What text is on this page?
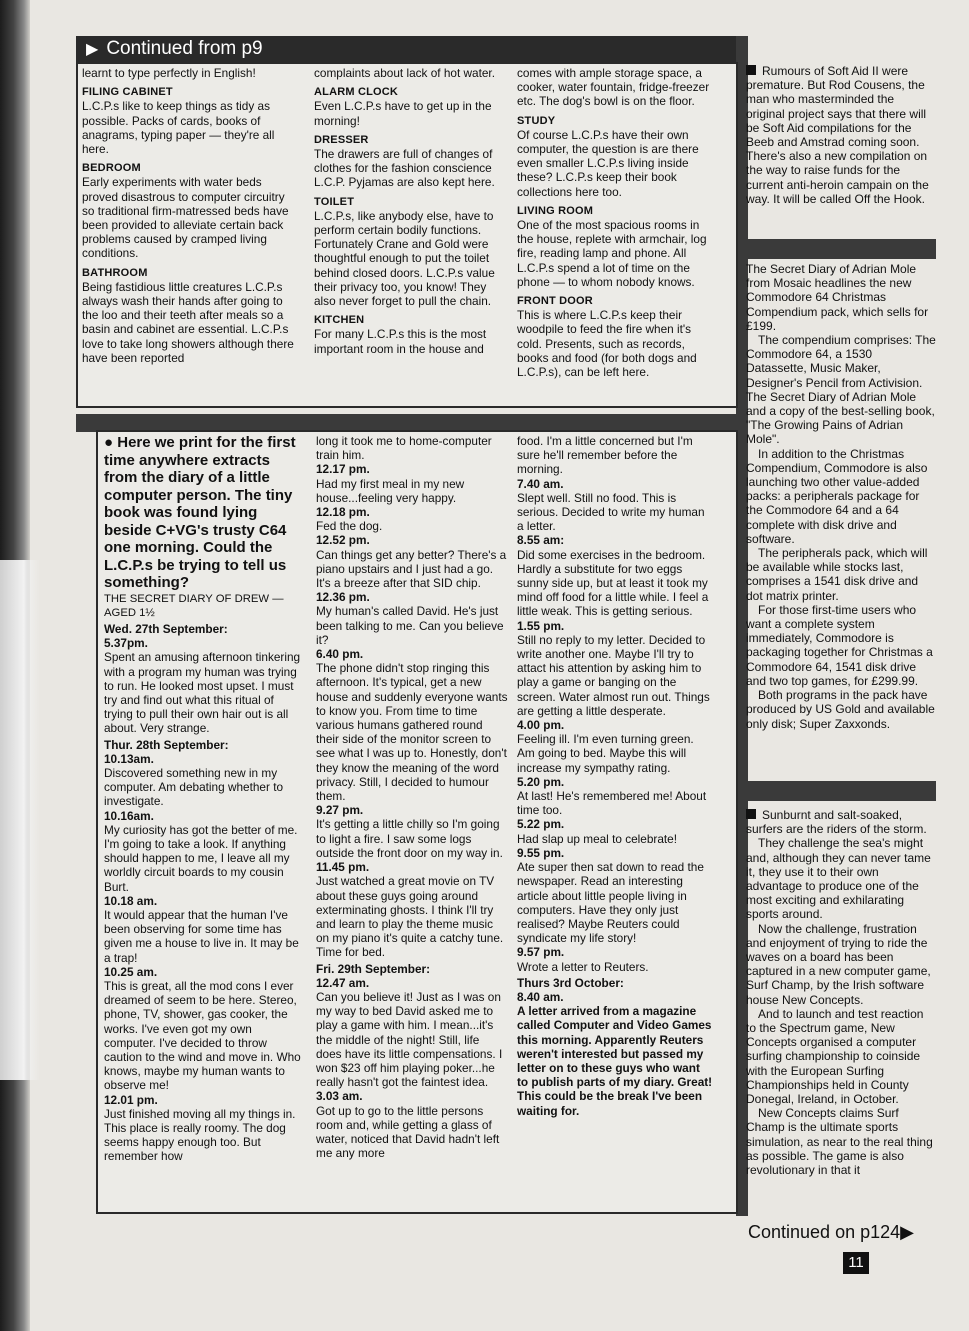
▶ Continued from p9

learnt to type perfectly in English!

FILING CABINET

L.C.P.s like to keep things as tidy as possible. Packs of cards, books of anagrams, typing paper — they're all here.

BEDROOM

Early experiments with water beds proved disastrous to computer circuitry so traditional firm-matressed beds have been provided to alleviate certain back problems caused by cramped living conditions.

BATHROOM

Being fastidious little creatures L.C.P.s always wash their hands after going to the loo and their teeth after meals so a basin and cabinet are essential. L.C.P.s love to take long showers although there have been reported

complaints about lack of hot water.

ALARM CLOCK

Even L.C.P.s have to get up in the morning!

DRESSER

The drawers are full of changes of clothes for the fashion conscience L.C.P. Pyjamas are also kept here.

TOILET

L.C.P.s, like anybody else, have to perform certain bodily functions. Fortunately Crane and Gold were thoughtful enough to put the toilet behind closed doors. L.C.P.s value their privacy too, you know! They also never forget to pull the chain.

KITCHEN

For many L.C.P.s this is the most important room in the house and

comes with ample storage space, a cooker, water fountain, fridge-freezer etc. The dog's bowl is on the floor.

STUDY

Of course L.C.P.s have their own computer, the question is are there even smaller L.C.P.s living inside these? L.C.P.s keep their book collections here too.

LIVING ROOM

One of the most spacious rooms in the house, replete with armchair, log fire, reading lamp and phone. All L.C.P.s spend a lot of time on the phone — to whom nobody knows.

FRONT DOOR

This is where L.C.P.s keep their woodpile to feed the fire when it's cold. Presents, such as records, books and food (for both dogs and L.C.P.s), can be left here.

● Here we print for the first time anywhere extracts from the diary of a little computer person. The tiny book was found lying beside C+VG's trusty C64 one morning. Could the L.C.P.s be trying to tell us something?

THE SECRET DIARY OF DREW — AGED 1½

Wed. 27th September:

5.37pm.

Spent an amusing afternoon tinkering with a program my human was trying to run. He looked most upset. I must try and find out what this ritual of trying to pull their own hair out is all about. Very strange.

Thur. 28th September:

10.13am.

Discovered something new in my computer. Am debating whether to investigate.

10.16am.

My curiosity has got the better of me. I'm going to take a look. If anything should happen to me, I leave all my worldly circuit boards to my cousin Burt.

10.18 am.

It would appear that the human I've been observing for some time has given me a house to live in. It may be a trap!

10.25 am.

This is great, all the mod cons I ever dreamed of seem to be here. Stereo, phone, TV, shower, gas cooker, the works. I've even got my own computer. I've decided to throw caution to the wind and move in. Who knows, maybe my human wants to observe me!

12.01 pm.

Just finished moving all my things in. This place is really roomy. The dog seems happy enough too. But remember how

long it took me to home-computer train him.

12.17 pm.

Had my first meal in my new house...feeling very happy.

12.18 pm.

Fed the dog.

12.52 pm.

Can things get any better? There's a piano upstairs and I just had a go. It's a breeze after that SID chip.

12.36 pm.

My human's called David. He's just been talking to me. Can you believe it?

6.40 pm.

The phone didn't stop ringing this afternoon. It's typical, get a new house and suddenly everyone wants to know you. From time to time various humans gathered round their side of the monitor screen to see what I was up to. Honestly, don't they know the meaning of the word privacy. Still, I decided to humour them.

9.27 pm.

It's getting a little chilly so I'm going to light a fire. I saw some logs outside the front door on my way in.

11.45 pm.

Just watched a great movie on TV about these guys going around exterminating ghosts. I think I'll try and learn to play the theme music on my piano it's quite a catchy tune. Time for bed.

Fri. 29th September:

12.47 am.

Can you believe it! Just as I was on my way to bed David asked me to play a game with him. I mean...it's the middle of the night! Still, life does have its little compensations. I won $23 off him playing poker...he really hasn't got the faintest idea.

3.03 am.

Got up to go to the little persons room and, while getting a glass of water, noticed that David hadn't left me any more

food. I'm a little concerned but I'm sure he'll remember before the morning.

7.40 am.

Slept well. Still no food. This is serious. Decided to write my human a letter.

8.55 am:

Did some exercises in the bedroom. Hardly a substitute for two eggs sunny side up, but at least it took my mind off food for a little while. I feel a little weak. This is getting serious.

1.55 pm.

Still no reply to my letter. Decided to write another one. Maybe I'll try to attact his attention by asking him to play a game or banging on the screen. Water almost run out. Things are getting a little desperate.

4.00 pm.

Feeling ill. I'm even turning green. Am going to bed. Maybe this will increase my sympathy rating.

5.20 pm.

At last! He's remembered me! About time too.

5.22 pm.

Had slap up meal to celebrate!

9.55 pm.

Ate super then sat down to read the newspaper. Read an interesting article about little people living in computers. Have they only just realised? Maybe Reuters could syndicate my life story!

9.57 pm.

Wrote a letter to Reuters.

Thurs 3rd October:

8.40 am.

A letter arrived from a magazine called Computer and Video Games this morning. Apparently Reuters weren't interested but passed my letter on to these guys who want to publish parts of my diary. Great! This could be the break I've been waiting for.

Rumours of Soft Aid II were premature. But Rod Cousens, the man who masterminded the original project says that there will be Soft Aid compilations for the Beeb and Amstrad coming soon. There's also a new compilation on the way to raise funds for the current anti-heroin campain on the way. It will be called Off the Hook.

The Secret Diary of Adrian Mole from Mosaic headlines the new Commodore 64 Christmas Compendium pack, which sells for £199.

The compendium comprises: The Commodore 64, a 1530 Datassette, Music Maker, Designer's Pencil from Activision. The Secret Diary of Adrian Mole and a copy of the best-selling book, "The Growing Pains of Adrian Mole".

In addition to the Christmas Compendium, Commodore is also launching two other value-added packs: a peripherals package for the Commodore 64 and a 64 complete with disk drive and software.

The peripherals pack, which will be available while stocks last, comprises a 1541 disk drive and dot matrix printer.

For those first-time users who want a complete system immediately, Commodore is packaging together for Christmas a Commodore 64, 1541 disk drive and two top games, for £299.99.

Both programs in the pack have produced by US Gold and available only disk; Super Zaxxonds.

Sunburnt and salt-soaked, surfers are the riders of the storm.

They challenge the sea's might and, although they can never tame it, they use it to their own advantage to produce one of the most exciting and exhilarating sports around.

Now the challenge, frustration and enjoyment of trying to ride the waves on a board has been captured in a new computer game, Surf Champ, by the Irish software house New Concepts.

And to launch and test reaction to the Spectrum game, New Concepts organised a computer surfing championship to coinside with the European Surfing Championships held in County Donegal, Ireland, in October.

New Concepts claims Surf Champ is the ultimate sports simulation, as near to the real thing as possible. The game is also revolutionary in that it

Continued on p124▶
11
